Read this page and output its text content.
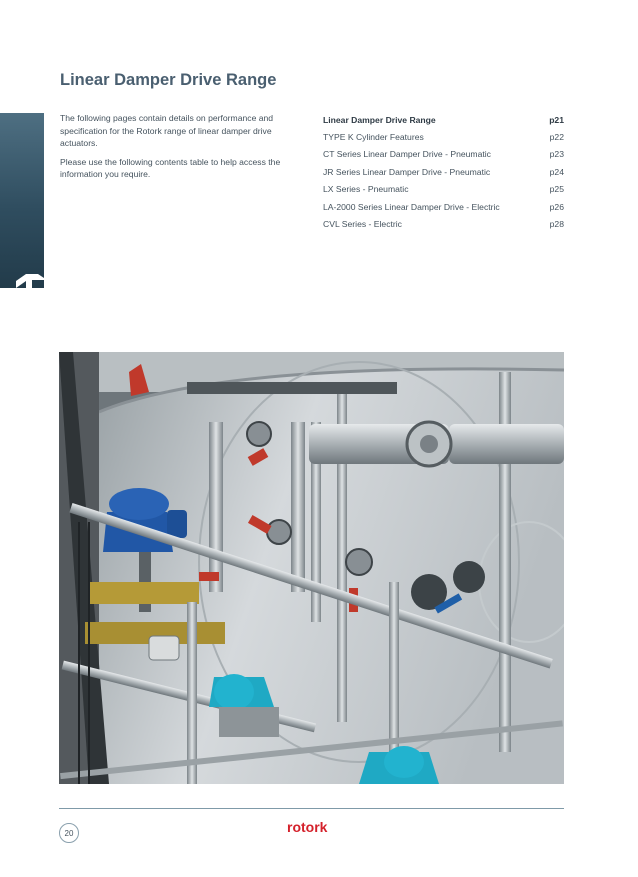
Linear Damper Drive Range

The following pages contain details on performance and specification for the Rotork range of linear damper drive actuators.

Please use the following contents table to help access the information you require.

Linear Damper Drive Range	p21
TYPE K Cylinder Features	p22
CT Series Linear Damper Drive - Pneumatic	p23
JR Series Linear Damper Drive - Pneumatic	p24
LX Series - Pneumatic	p25
LA-2000 Series Linear Damper Drive - Electric	p26
CVL Series - Electric	p28
20	rotork
